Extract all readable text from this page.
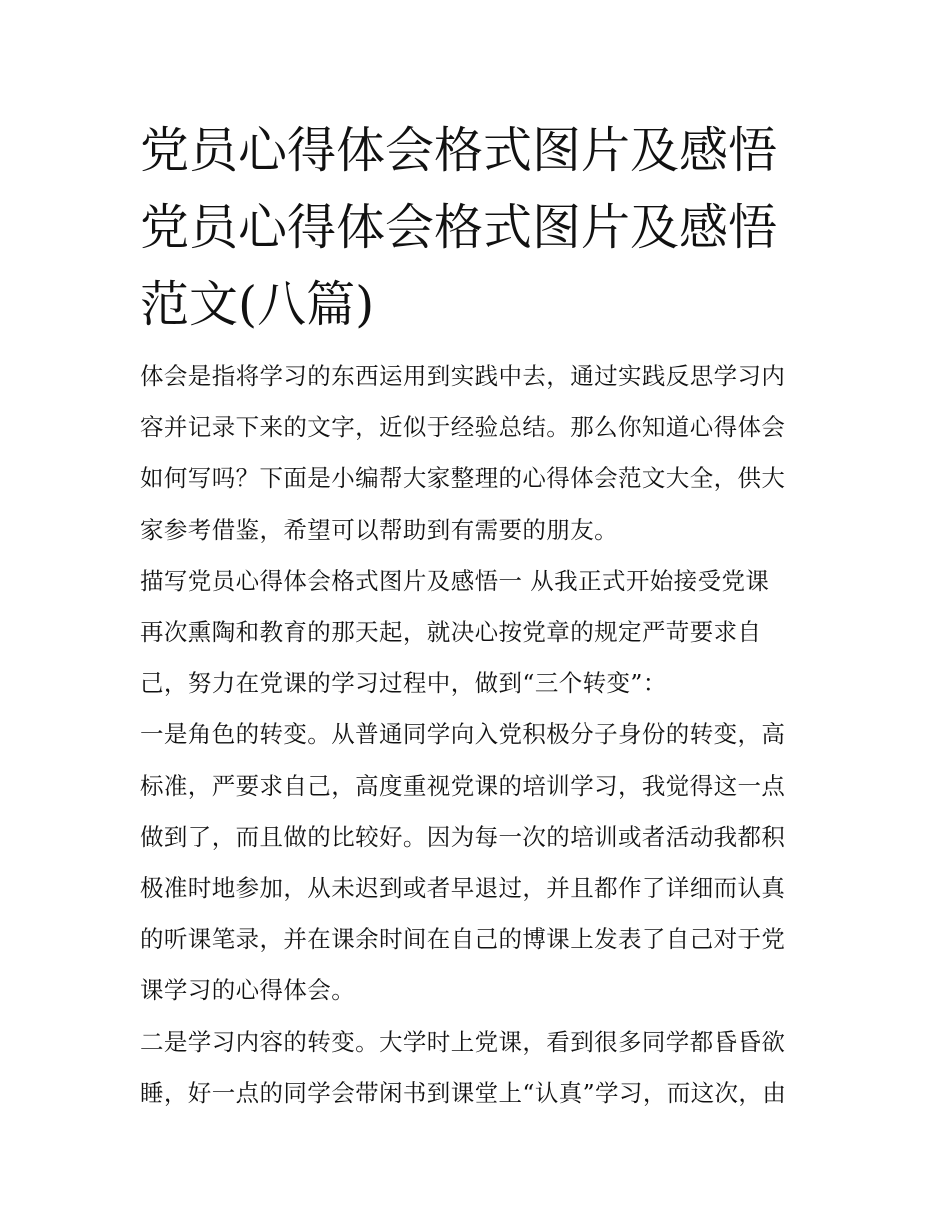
党员心得体会格式图片及感悟
党员心得体会格式图片及感悟
范文(八篇)

体会是指将学习的东西运用到实践中去，通过实践反思学习内
容并记录下来的文字，近似于经验总结。那么你知道心得体会
如何写吗？下面是小编帮大家整理的心得体会范文大全，供大
家参考借鉴，希望可以帮助到有需要的朋友。

描写党员心得体会格式图片及感悟一 从我正式开始接受党课
再次熏陶和教育的那天起，就决心按党章的规定严苛要求自
己，努力在党课的学习过程中，做到“三个转变”：

一是角色的转变。从普通同学向入党积极分子身份的转变，高
标准，严要求自己，高度重视党课的培训学习，我觉得这一点
做到了，而且做的比较好。因为每一次的培训或者活动我都积
极准时地参加，从未迟到或者早退过，并且都作了详细而认真
的听课笔录，并在课余时间在自己的博课上发表了自己对于党
课学习的心得体会。

二是学习内容的转变。大学时上党课，看到很多同学都昏昏欲
睡，好一点的同学会带闲书到课堂上“认真”学习，而这次，由
